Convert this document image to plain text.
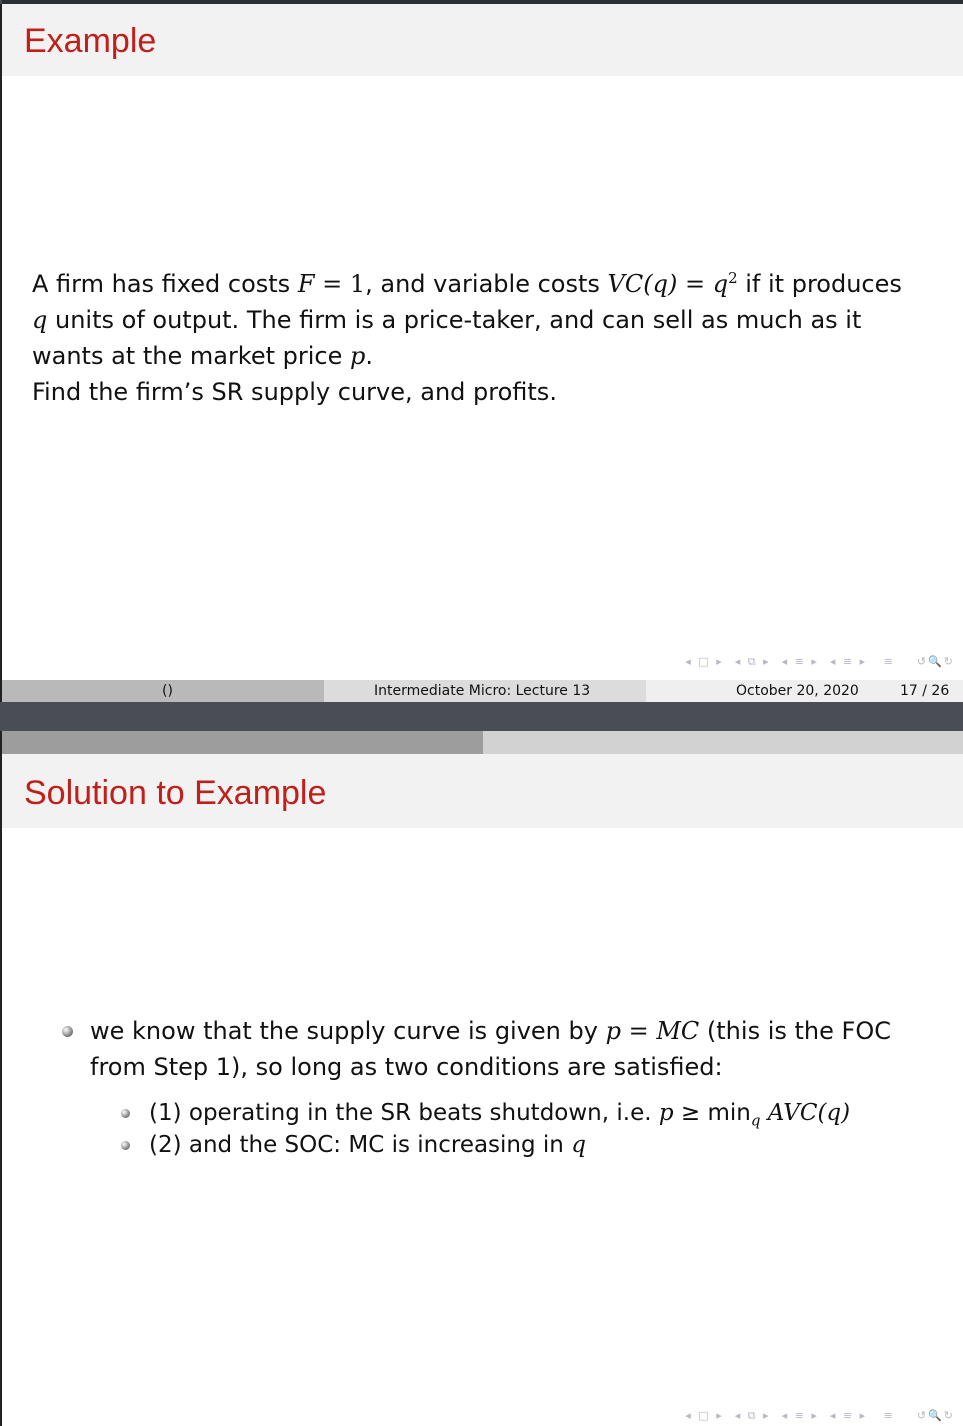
Example
A firm has fixed costs F = 1, and variable costs $VC(q) = q^2$ if it produces
q units of output. The firm is a price-taker, and can sell as much as it
wants at the market price p.
Find the firm’s SR supply curve, and profits.
◂ □ ▸ ◂ ⧉ ▸ ◂ ≡ ▸ ◂ ≡ ▸ ≡ ↺🔍↻
()	Intermediate Micro: Lecture 13	October 20, 2020	17 / 26
Solution to Example
we know that the supply curve is given by p = MC (this is the FOC
from Step 1), so long as two conditions are satisfied:
(1) operating in the SR beats shutdown, i.e. $p \ge \min_q AVC(q)$
(2) and the SOC: MC is increasing in q
◂ □ ▸ ◂ ⧉ ▸ ◂ ≡ ▸ ◂ ≡ ▸ ≡ ↺🔍↻
